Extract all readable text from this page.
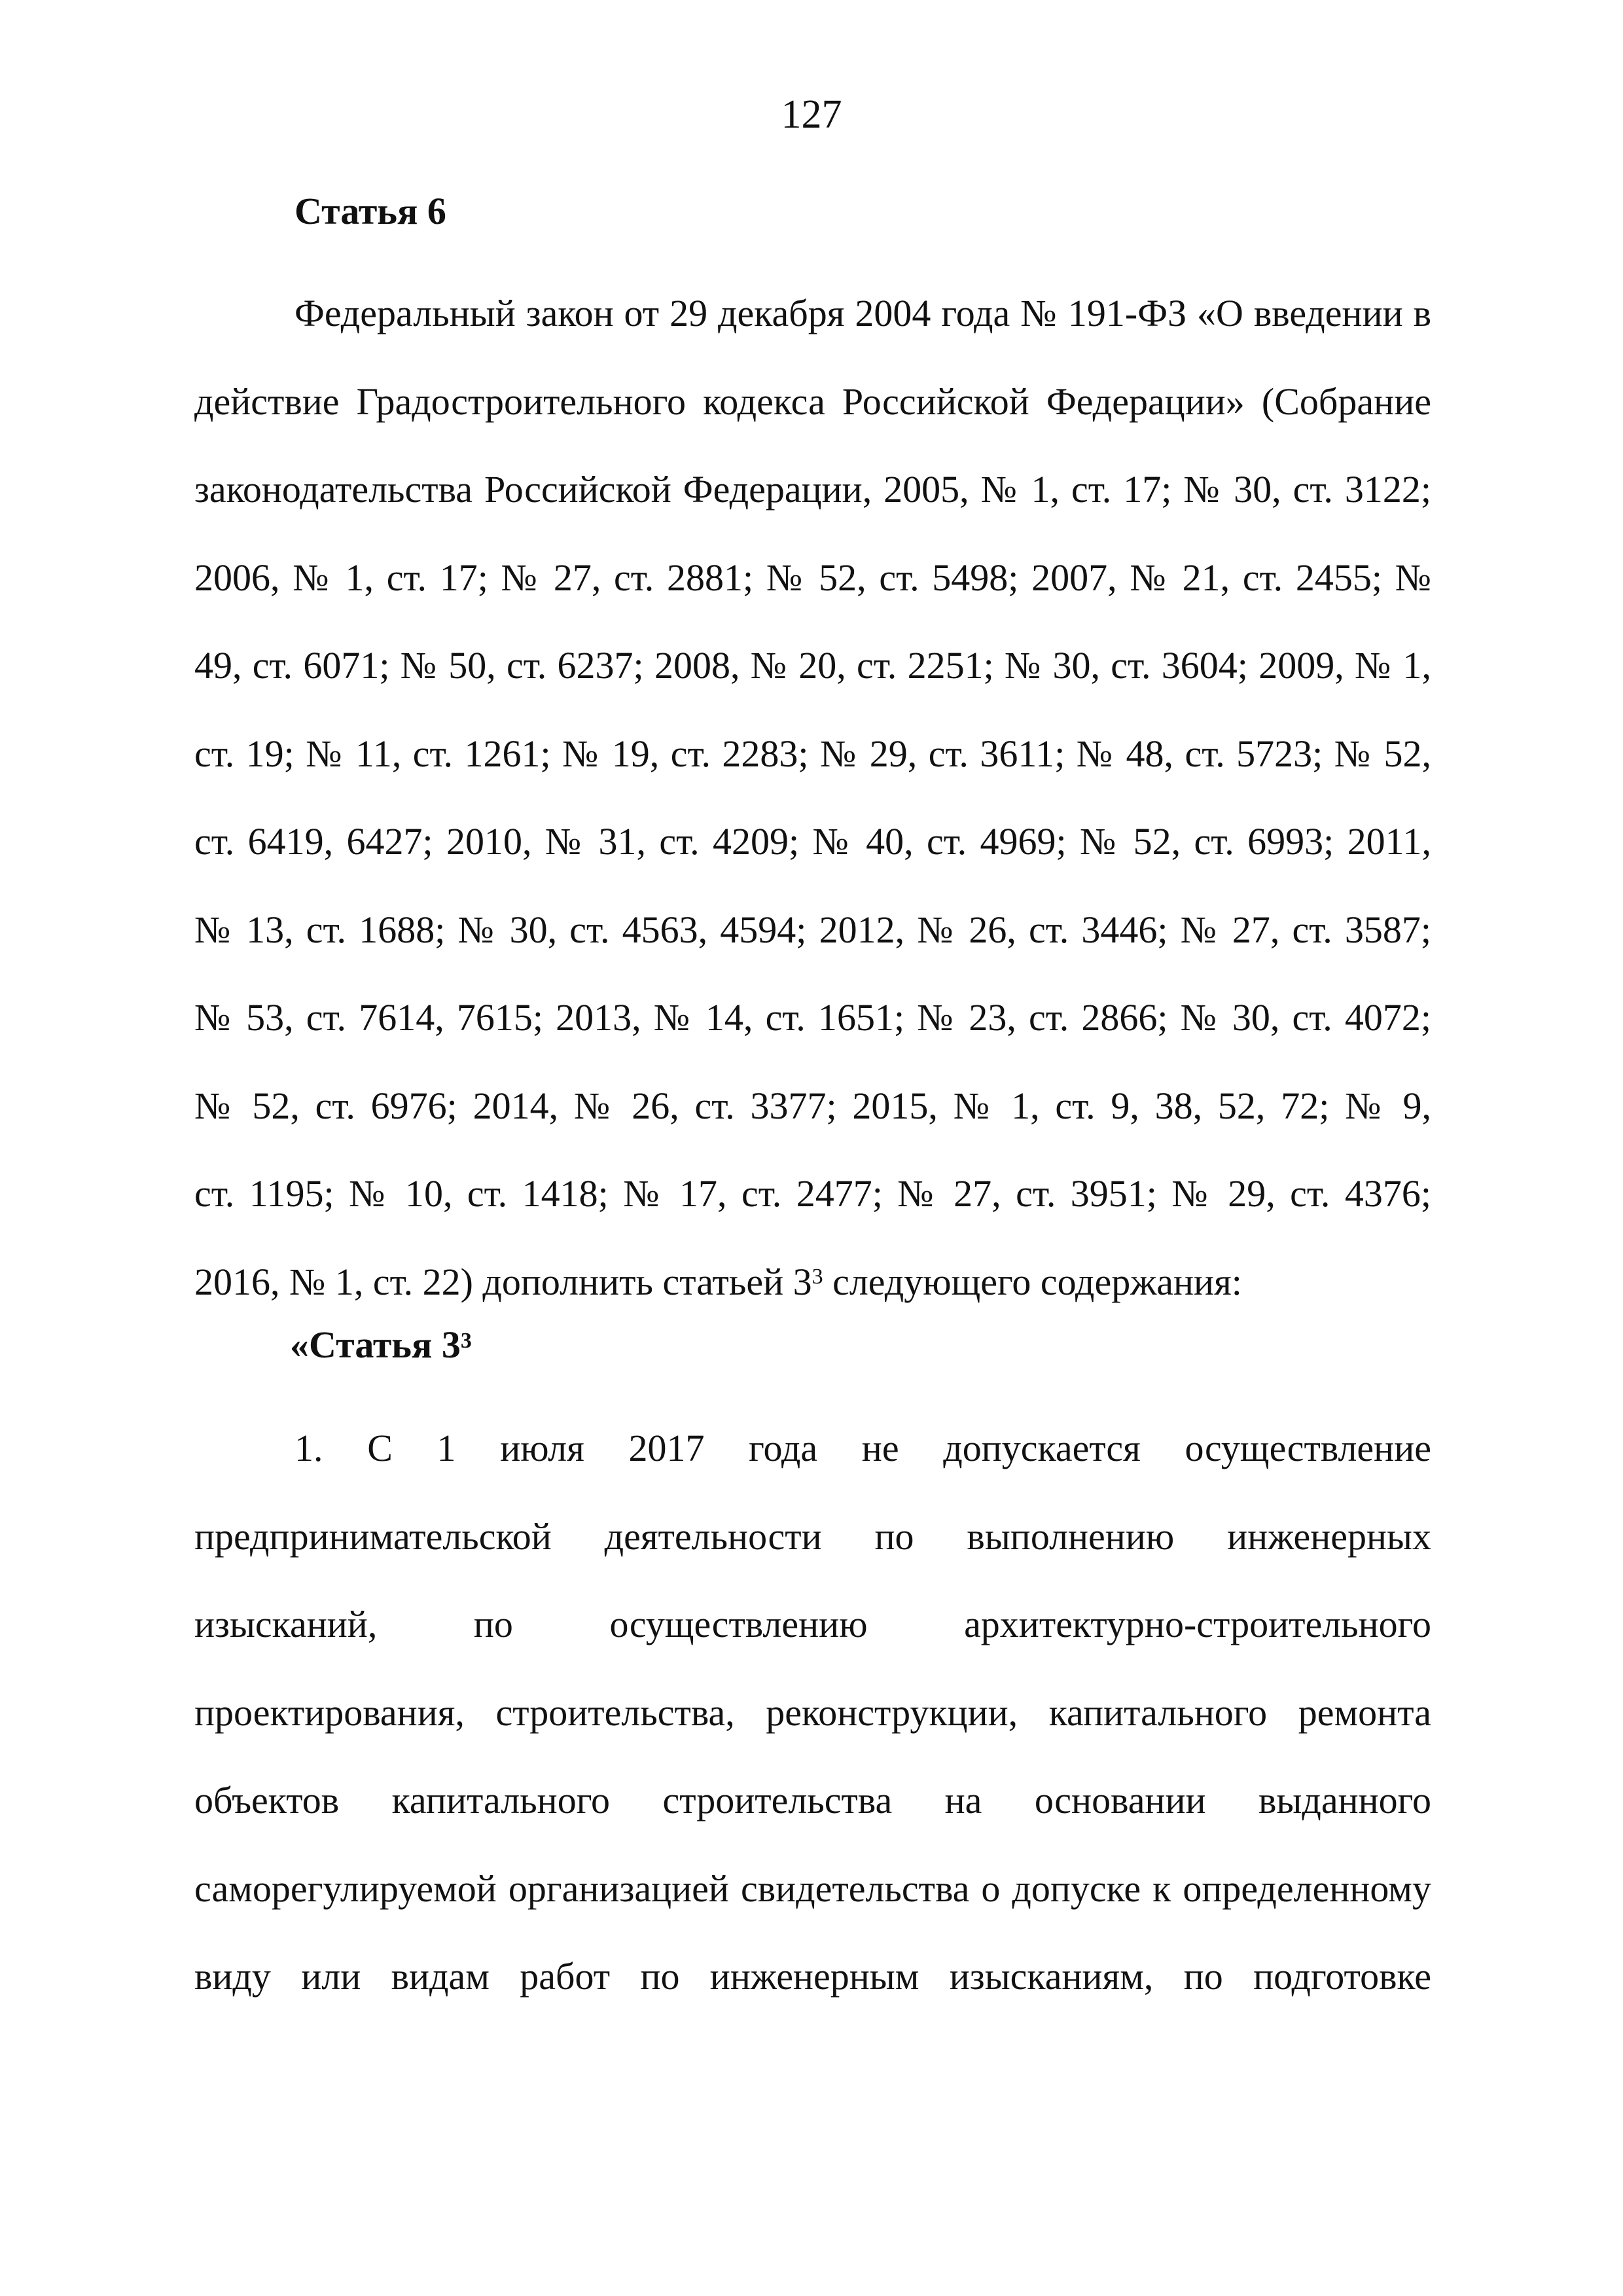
127
Статья 6
Федеральный закон от 29 декабря 2004 года № 191-ФЗ «О введении в
действие Градостроительного кодекса Российской Федерации» (Собрание
законодательства Российской Федерации, 2005, № 1, ст. 17; № 30, ст. 3122;
2006, № 1, ст. 17; № 27, ст. 2881; № 52, ст. 5498; 2007, № 21, ст. 2455; №
49, ст. 6071; № 50, ст. 6237; 2008, № 20, ст. 2251; № 30, ст. 3604; 2009, № 1,
ст. 19; № 11, ст. 1261; № 19, ст. 2283; № 29, ст. 3611; № 48, ст. 5723; № 52,
ст. 6419, 6427; 2010, № 31, ст. 4209; № 40, ст. 4969; № 52, ст. 6993; 2011,
№ 13, ст. 1688; № 30, ст. 4563, 4594; 2012, № 26, ст. 3446; № 27, ст. 3587;
№ 53, ст. 7614, 7615; 2013, № 14, ст. 1651; № 23, ст. 2866; № 30, ст. 4072;
№ 52, ст. 6976; 2014, № 26, ст. 3377; 2015, № 1, ст. 9, 38, 52, 72; № 9,
ст. 1195; № 10, ст. 1418; № 17, ст. 2477; № 27, ст. 3951; № 29, ст. 4376;
2016, № 1, ст. 22) дополнить статьей $3^3$ следующего содержания:
«Статья $3^3$
1. С 1 июля 2017 года не допускается осуществление
предпринимательской деятельности по выполнению инженерных
изысканий, по осуществлению архитектурно-строительного
проектирования, строительства, реконструкции, капитального ремонта
объектов капитального строительства на основании выданного
саморегулируемой организацией свидетельства о допуске к определенному
виду или видам работ по инженерным изысканиям, по подготовке
